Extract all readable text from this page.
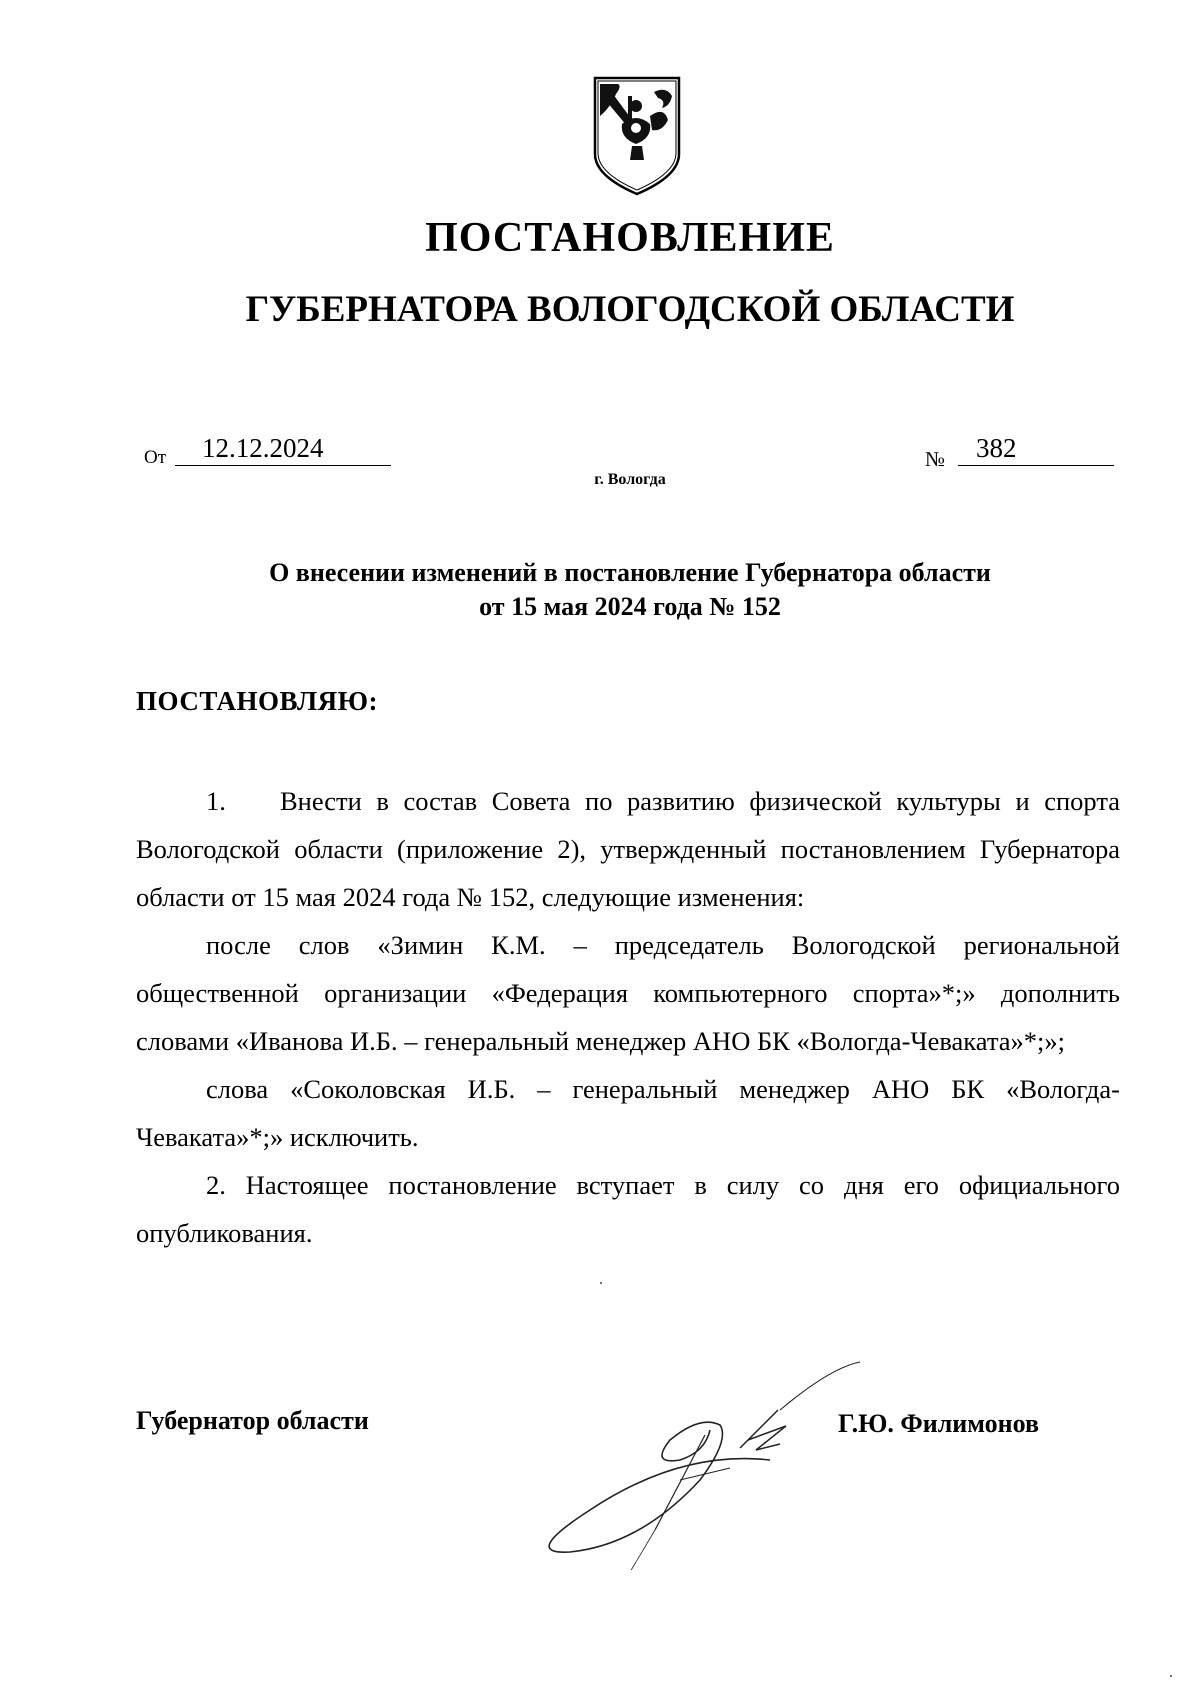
ПОСТАНОВЛЕНИЕ
ГУБЕРНАТОРА ВОЛОГОДСКОЙ ОБЛАСТИ
От	12.12.2024	№	382
г. Вологда
О внесении изменений в постановление Губернатора области
от 15 мая 2024 года № 152
ПОСТАНОВЛЯЮ:

1. Внести в состав Совета по развитию физической культуры и спорта Вологодской области (приложение 2), утвержденный постановлением Губернатора области от 15 мая 2024 года № 152, следующие изменения:

после слов «Зимин К.М. – председатель Вологодской региональной общественной организации «Федерация компьютерного спорта»*;» дополнить словами «Иванова И.Б. – генеральный менеджер АНО БК «Вологда-Чеваката»*;»;

слова «Соколовская И.Б. – генеральный менеджер АНО БК «Вологда-Чеваката»*;» исключить.

2. Настоящее постановление вступает в силу со дня его официального опубликования.

Губернатор области	Г.Ю. Филимонов
